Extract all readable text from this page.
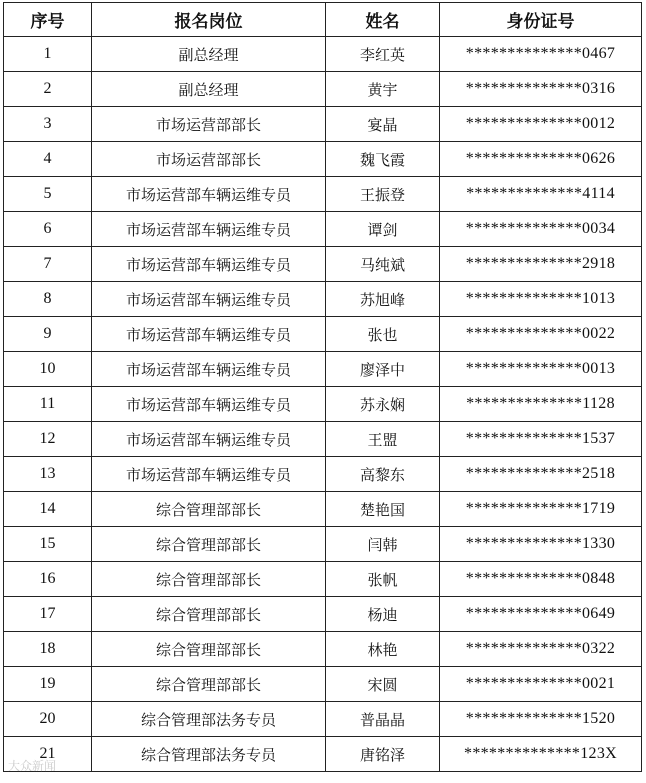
序号	报名岗位	姓名	身份证号
1	副总经理	李红英	**************0467
2	副总经理	黄宇	**************0316
3	市场运营部部长	宴晶	**************0012
4	市场运营部部长	魏飞霞	**************0626
5	市场运营部车辆运维专员	王振登	**************4114
6	市场运营部车辆运维专员	谭剑	**************0034
7	市场运营部车辆运维专员	马纯斌	**************2918
8	市场运营部车辆运维专员	苏旭峰	**************1013
9	市场运营部车辆运维专员	张也	**************0022
10	市场运营部车辆运维专员	廖泽中	**************0013
11	市场运营部车辆运维专员	苏永娴	**************1128
12	市场运营部车辆运维专员	王盟	**************1537
13	市场运营部车辆运维专员	高黎东	**************2518
14	综合管理部部长	楚艳国	**************1719
15	综合管理部部长	闫韩	**************1330
16	综合管理部部长	张帆	**************0848
17	综合管理部部长	杨迪	**************0649
18	综合管理部部长	林艳	**************0322
19	综合管理部部长	宋圆	**************0021
20	综合管理部法务专员	普晶晶	**************1520
21	综合管理部法务专员	唐铭泽	**************123X
大众新闻
